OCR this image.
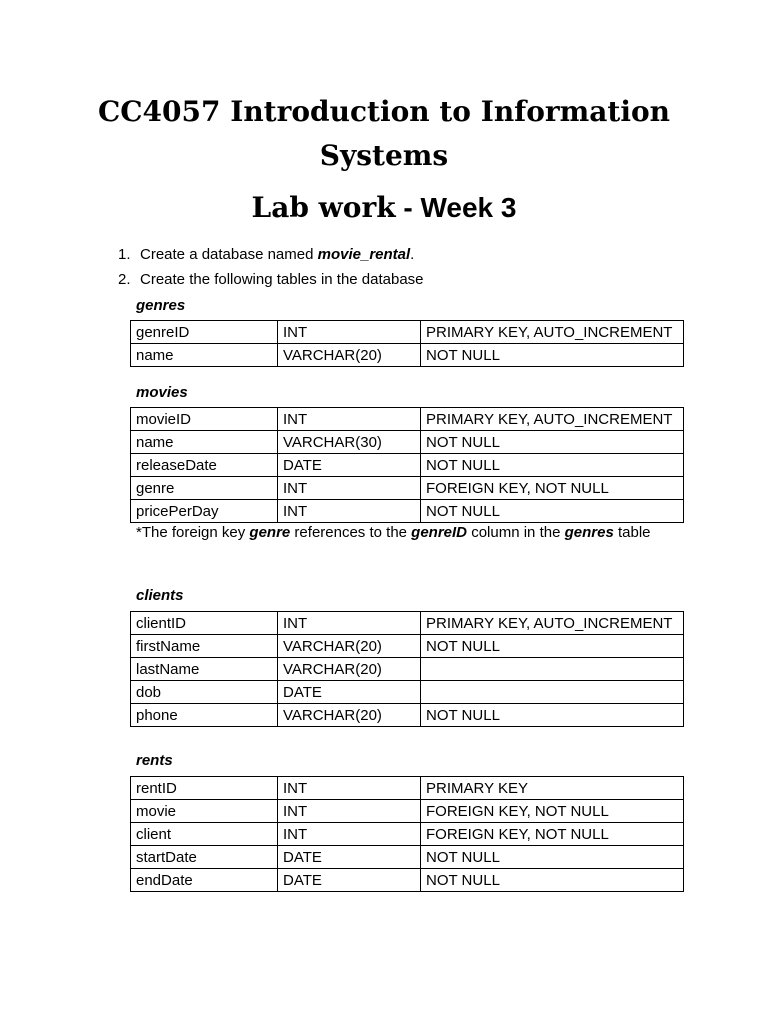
CC4057 Introduction to Information
Systems
Lab work - Week 3
1. Create a database named movie_rental.
2. Create the following tables in the database
genres
genreID	INT	PRIMARY KEY, AUTO_INCREMENT
name	VARCHAR(20)	NOT NULL
movies
movieID	INT	PRIMARY KEY, AUTO_INCREMENT
name	VARCHAR(30)	NOT NULL
releaseDate	DATE	NOT NULL
genre	INT	FOREIGN KEY, NOT NULL
pricePerDay	INT	NOT NULL
*The foreign key genre references to the genreID column in the genres table
clients
clientID	INT	PRIMARY KEY, AUTO_INCREMENT
firstName	VARCHAR(20)	NOT NULL
lastName	VARCHAR(20)	
dob	DATE	
phone	VARCHAR(20)	NOT NULL
rents
rentID	INT	PRIMARY KEY
movie	INT	FOREIGN KEY, NOT NULL
client	INT	FOREIGN KEY, NOT NULL
startDate	DATE	NOT NULL
endDate	DATE	NOT NULL
